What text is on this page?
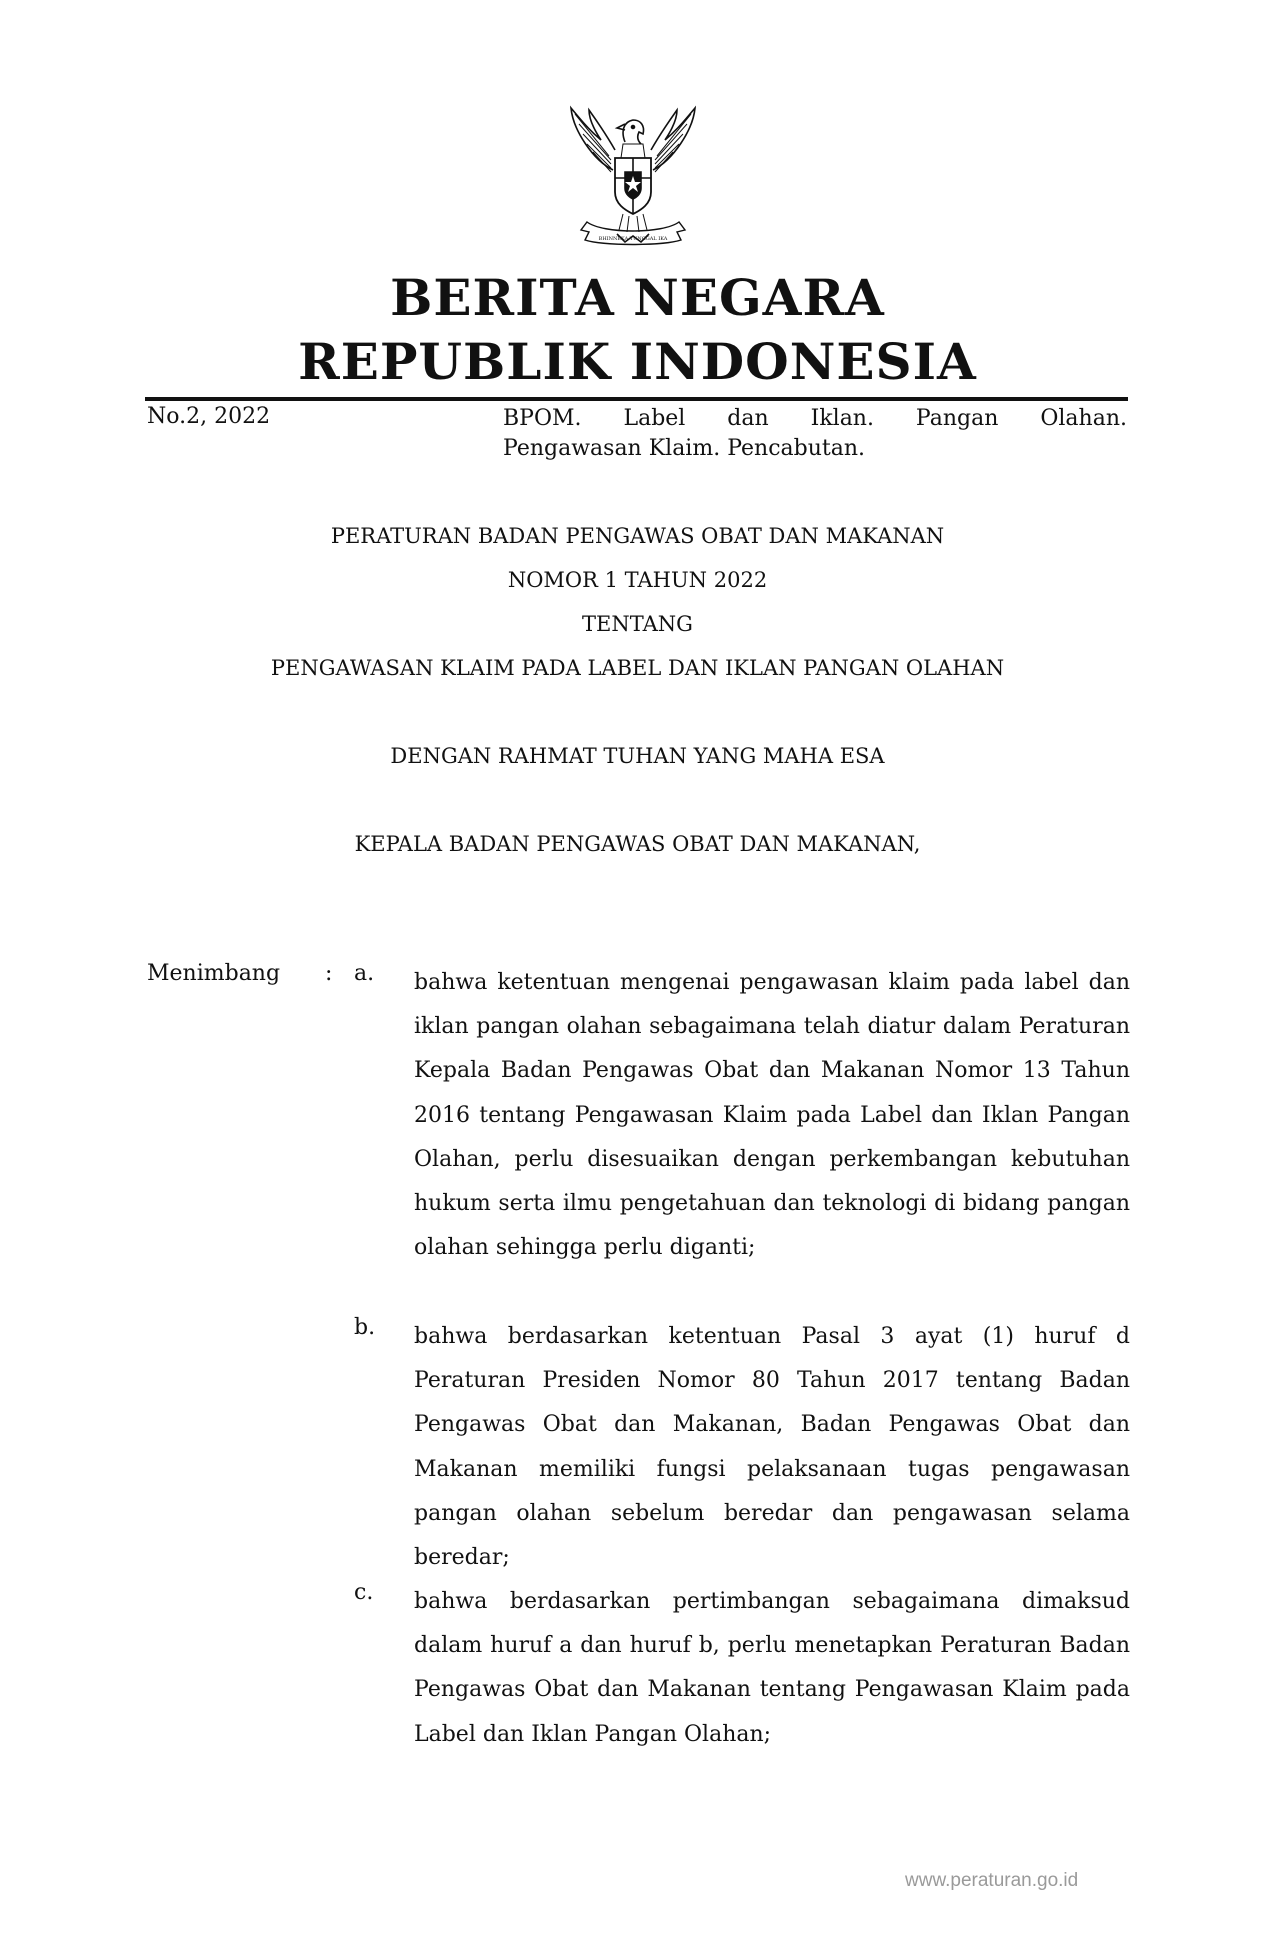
BHINNEKA TUNGGAL IKA
BERITA NEGARA
REPUBLIK INDONESIA
No.2, 2022	BPOM. Label dan Iklan. Pangan Olahan.
Pengawasan Klaim. Pencabutan.
PERATURAN BADAN PENGAWAS OBAT DAN MAKANAN
NOMOR 1 TAHUN 2022
TENTANG
PENGAWASAN KLAIM PADA LABEL DAN IKLAN PANGAN OLAHAN
DENGAN RAHMAT TUHAN YANG MAHA ESA
KEPALA BADAN PENGAWAS OBAT DAN MAKANAN,
Menimbang : a. bahwa ketentuan mengenai pengawasan klaim pada label dan iklan pangan olahan sebagaimana telah diatur dalam Peraturan Kepala Badan Pengawas Obat dan Makanan Nomor 13 Tahun 2016 tentang Pengawasan Klaim pada Label dan Iklan Pangan Olahan, perlu disesuaikan dengan perkembangan kebutuhan hukum serta ilmu pengetahuan dan teknologi di bidang pangan olahan sehingga perlu diganti;
b. bahwa berdasarkan ketentuan Pasal 3 ayat (1) huruf d Peraturan Presiden Nomor 80 Tahun 2017 tentang Badan Pengawas Obat dan Makanan, Badan Pengawas Obat dan Makanan memiliki fungsi pelaksanaan tugas pengawasan pangan olahan sebelum beredar dan pengawasan selama beredar;
c. bahwa berdasarkan pertimbangan sebagaimana dimaksud dalam huruf a dan huruf b, perlu menetapkan Peraturan Badan Pengawas Obat dan Makanan tentang Pengawasan Klaim pada Label dan Iklan Pangan Olahan;
www.peraturan.go.id
